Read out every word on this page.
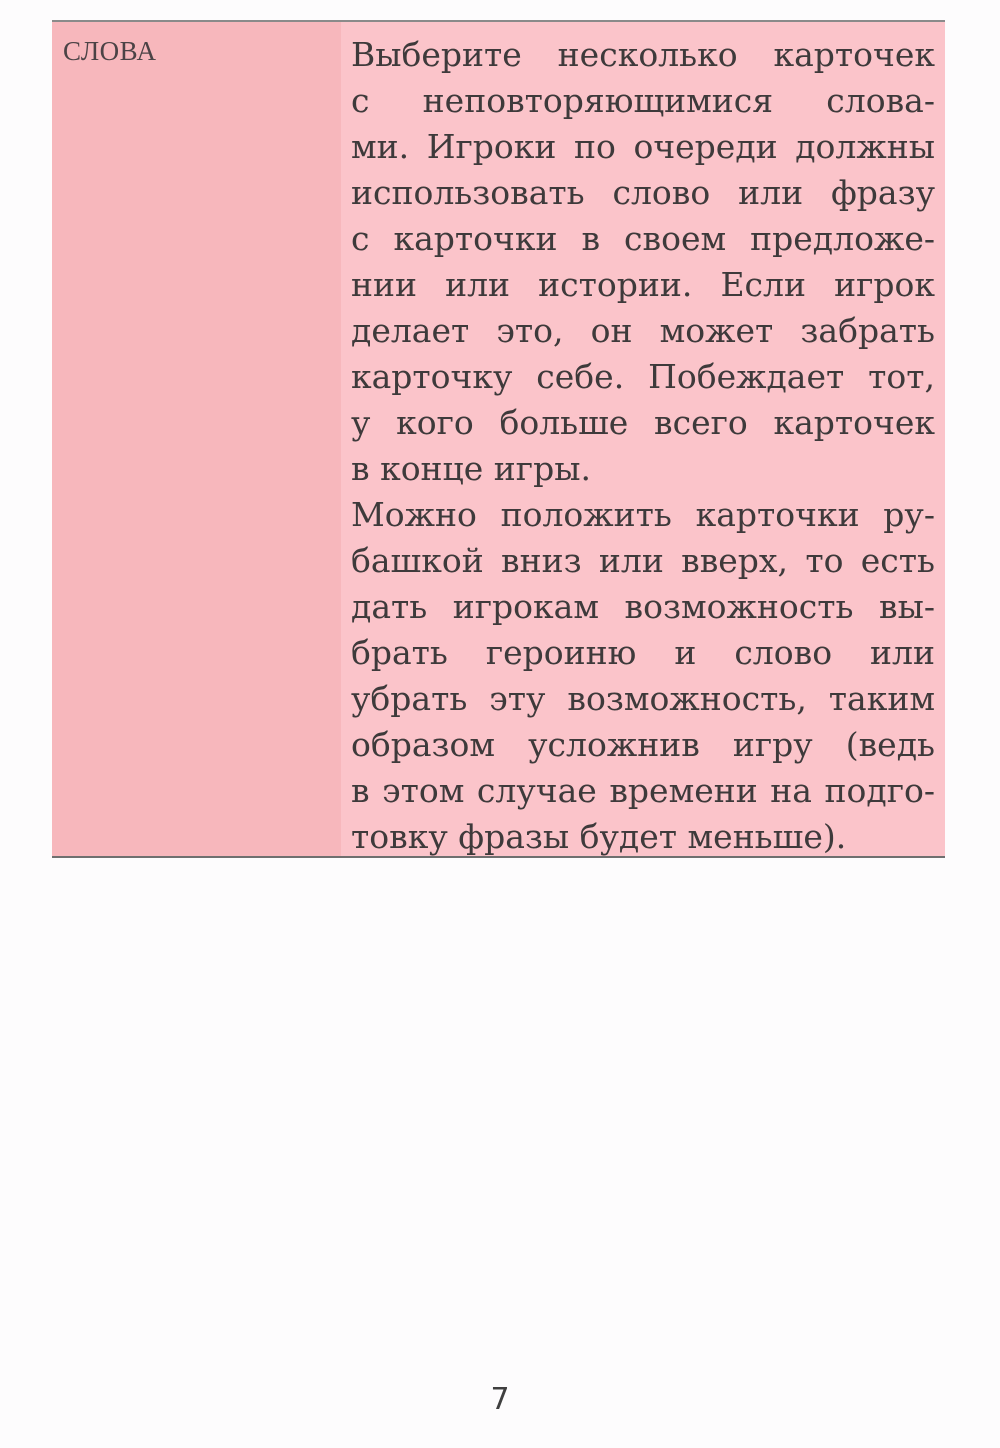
СЛОВА	Выберите несколько карточек
с неповторяющимися слова-
ми. Игроки по очереди должны
использовать слово или фразу
с карточки в своем предложе-
нии или истории. Если игрок
делает это, он может забрать
карточку себе. Побеждает тот,
у кого больше всего карточек
в конце игры.

Можно положить карточки ру-
башкой вниз или вверх, то есть
дать игрокам возможность вы-
брать героиню и слово или
убрать эту возможность, таким
образом усложнив игру (ведь
в этом случае времени на подго-
товку фразы будет меньше).

7
